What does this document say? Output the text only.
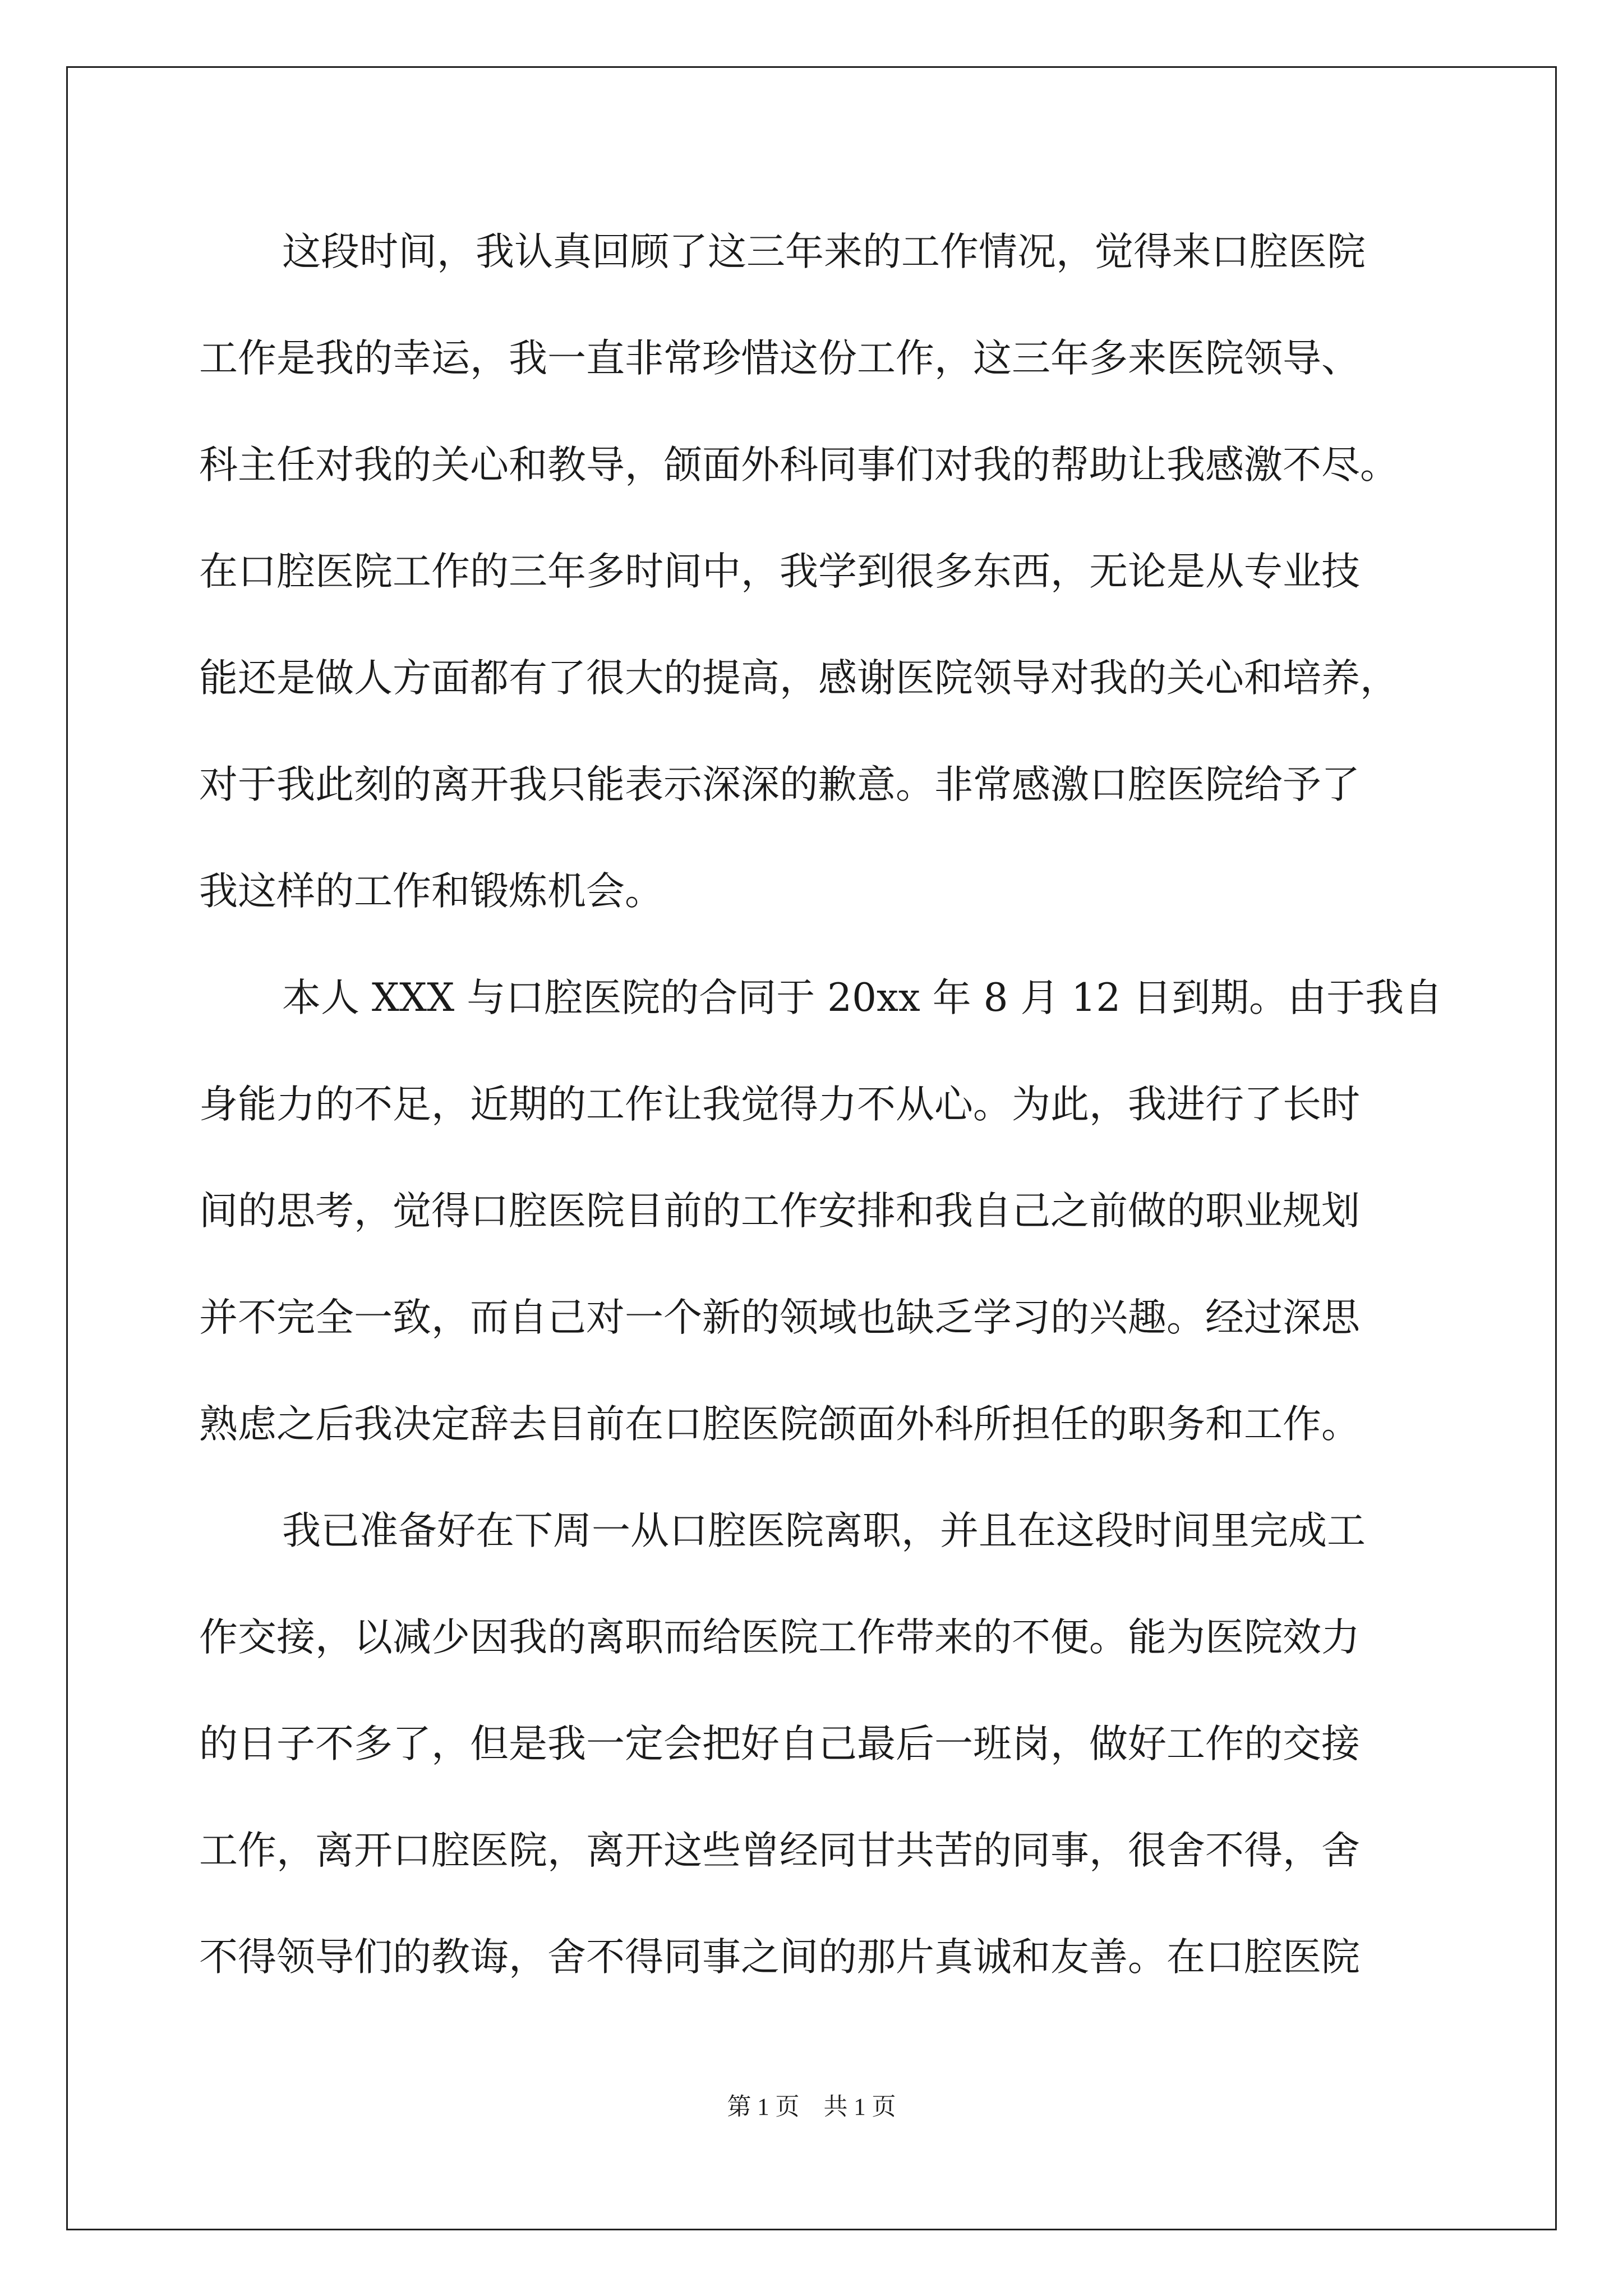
这段时间，我认真回顾了这三年来的工作情况，觉得来口腔医院
工作是我的幸运，我一直非常珍惜这份工作，这三年多来医院领导、
科主任对我的关心和教导，颌面外科同事们对我的帮助让我感激不尽。
在口腔医院工作的三年多时间中，我学到很多东西，无论是从专业技
能还是做人方面都有了很大的提高，感谢医院领导对我的关心和培养，
对于我此刻的离开我只能表示深深的歉意。非常感激口腔医院给予了
我这样的工作和锻炼机会。
本人 XXX 与口腔医院的合同于 20xx 年 8 月 12 日到期。由于我自
身能力的不足，近期的工作让我觉得力不从心。为此，我进行了长时
间的思考，觉得口腔医院目前的工作安排和我自己之前做的职业规划
并不完全一致，而自己对一个新的领域也缺乏学习的兴趣。经过深思
熟虑之后我决定辞去目前在口腔医院颌面外科所担任的职务和工作。
我已准备好在下周一从口腔医院离职，并且在这段时间里完成工
作交接，以减少因我的离职而给医院工作带来的不便。能为医院效力
的日子不多了，但是我一定会把好自己最后一班岗，做好工作的交接
工作，离开口腔医院，离开这些曾经同甘共苦的同事，很舍不得，舍
不得领导们的教诲，舍不得同事之间的那片真诚和友善。在口腔医院
第 1 页　共 1 页
